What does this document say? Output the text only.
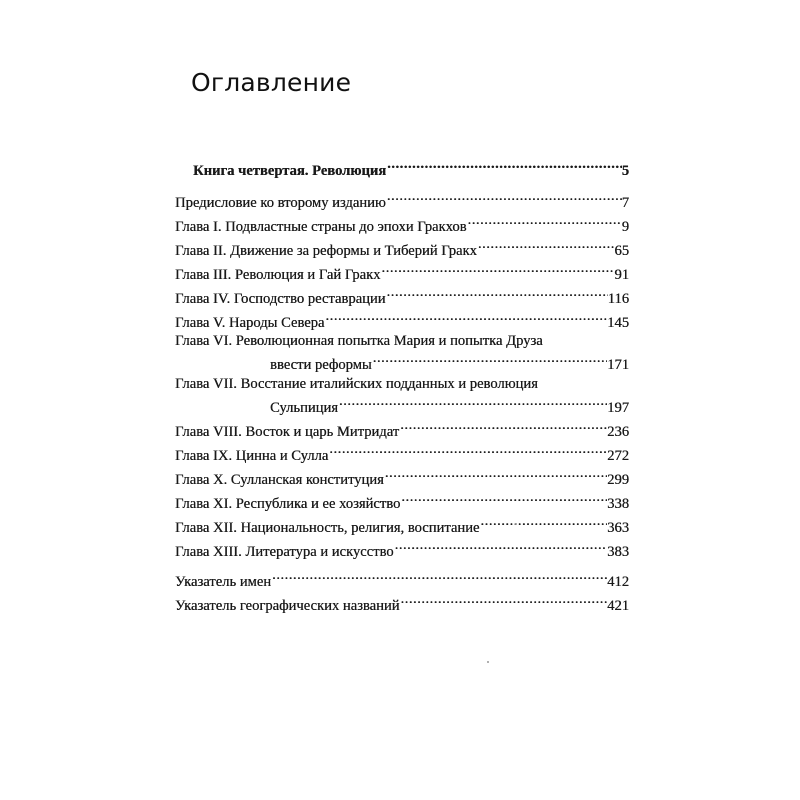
Оглавление
Книга четвертая. Революция .....	5
Предисловие ко второму изданию .....	7
Глава I. Подвластные страны до эпохи Гракхов .....	9
Глава II. Движение за реформы и Тиберий Гракх .....	65
Глава III. Революция и Гай Гракх .....	91
Глава IV. Господство реставрации .....	116
Глава V. Народы Севера .....	145
Глава VI. Революционная попытка Мария и попытка Друза
ввести реформы .....	171
Глава VII. Восстание италийских подданных и революция
Сульпиция .....	197
Глава VIII. Восток и царь Митридат .....	236
Глава IX. Цинна и Сулла .....	272
Глава X. Сулланская конституция .....	299
Глава XI. Республика и ее хозяйство .....	338
Глава XII. Национальность, религия, воспитание .....	363
Глава XIII. Литература и искусство .....	383
Указатель имен .....	412
Указатель географических названий .....	421
